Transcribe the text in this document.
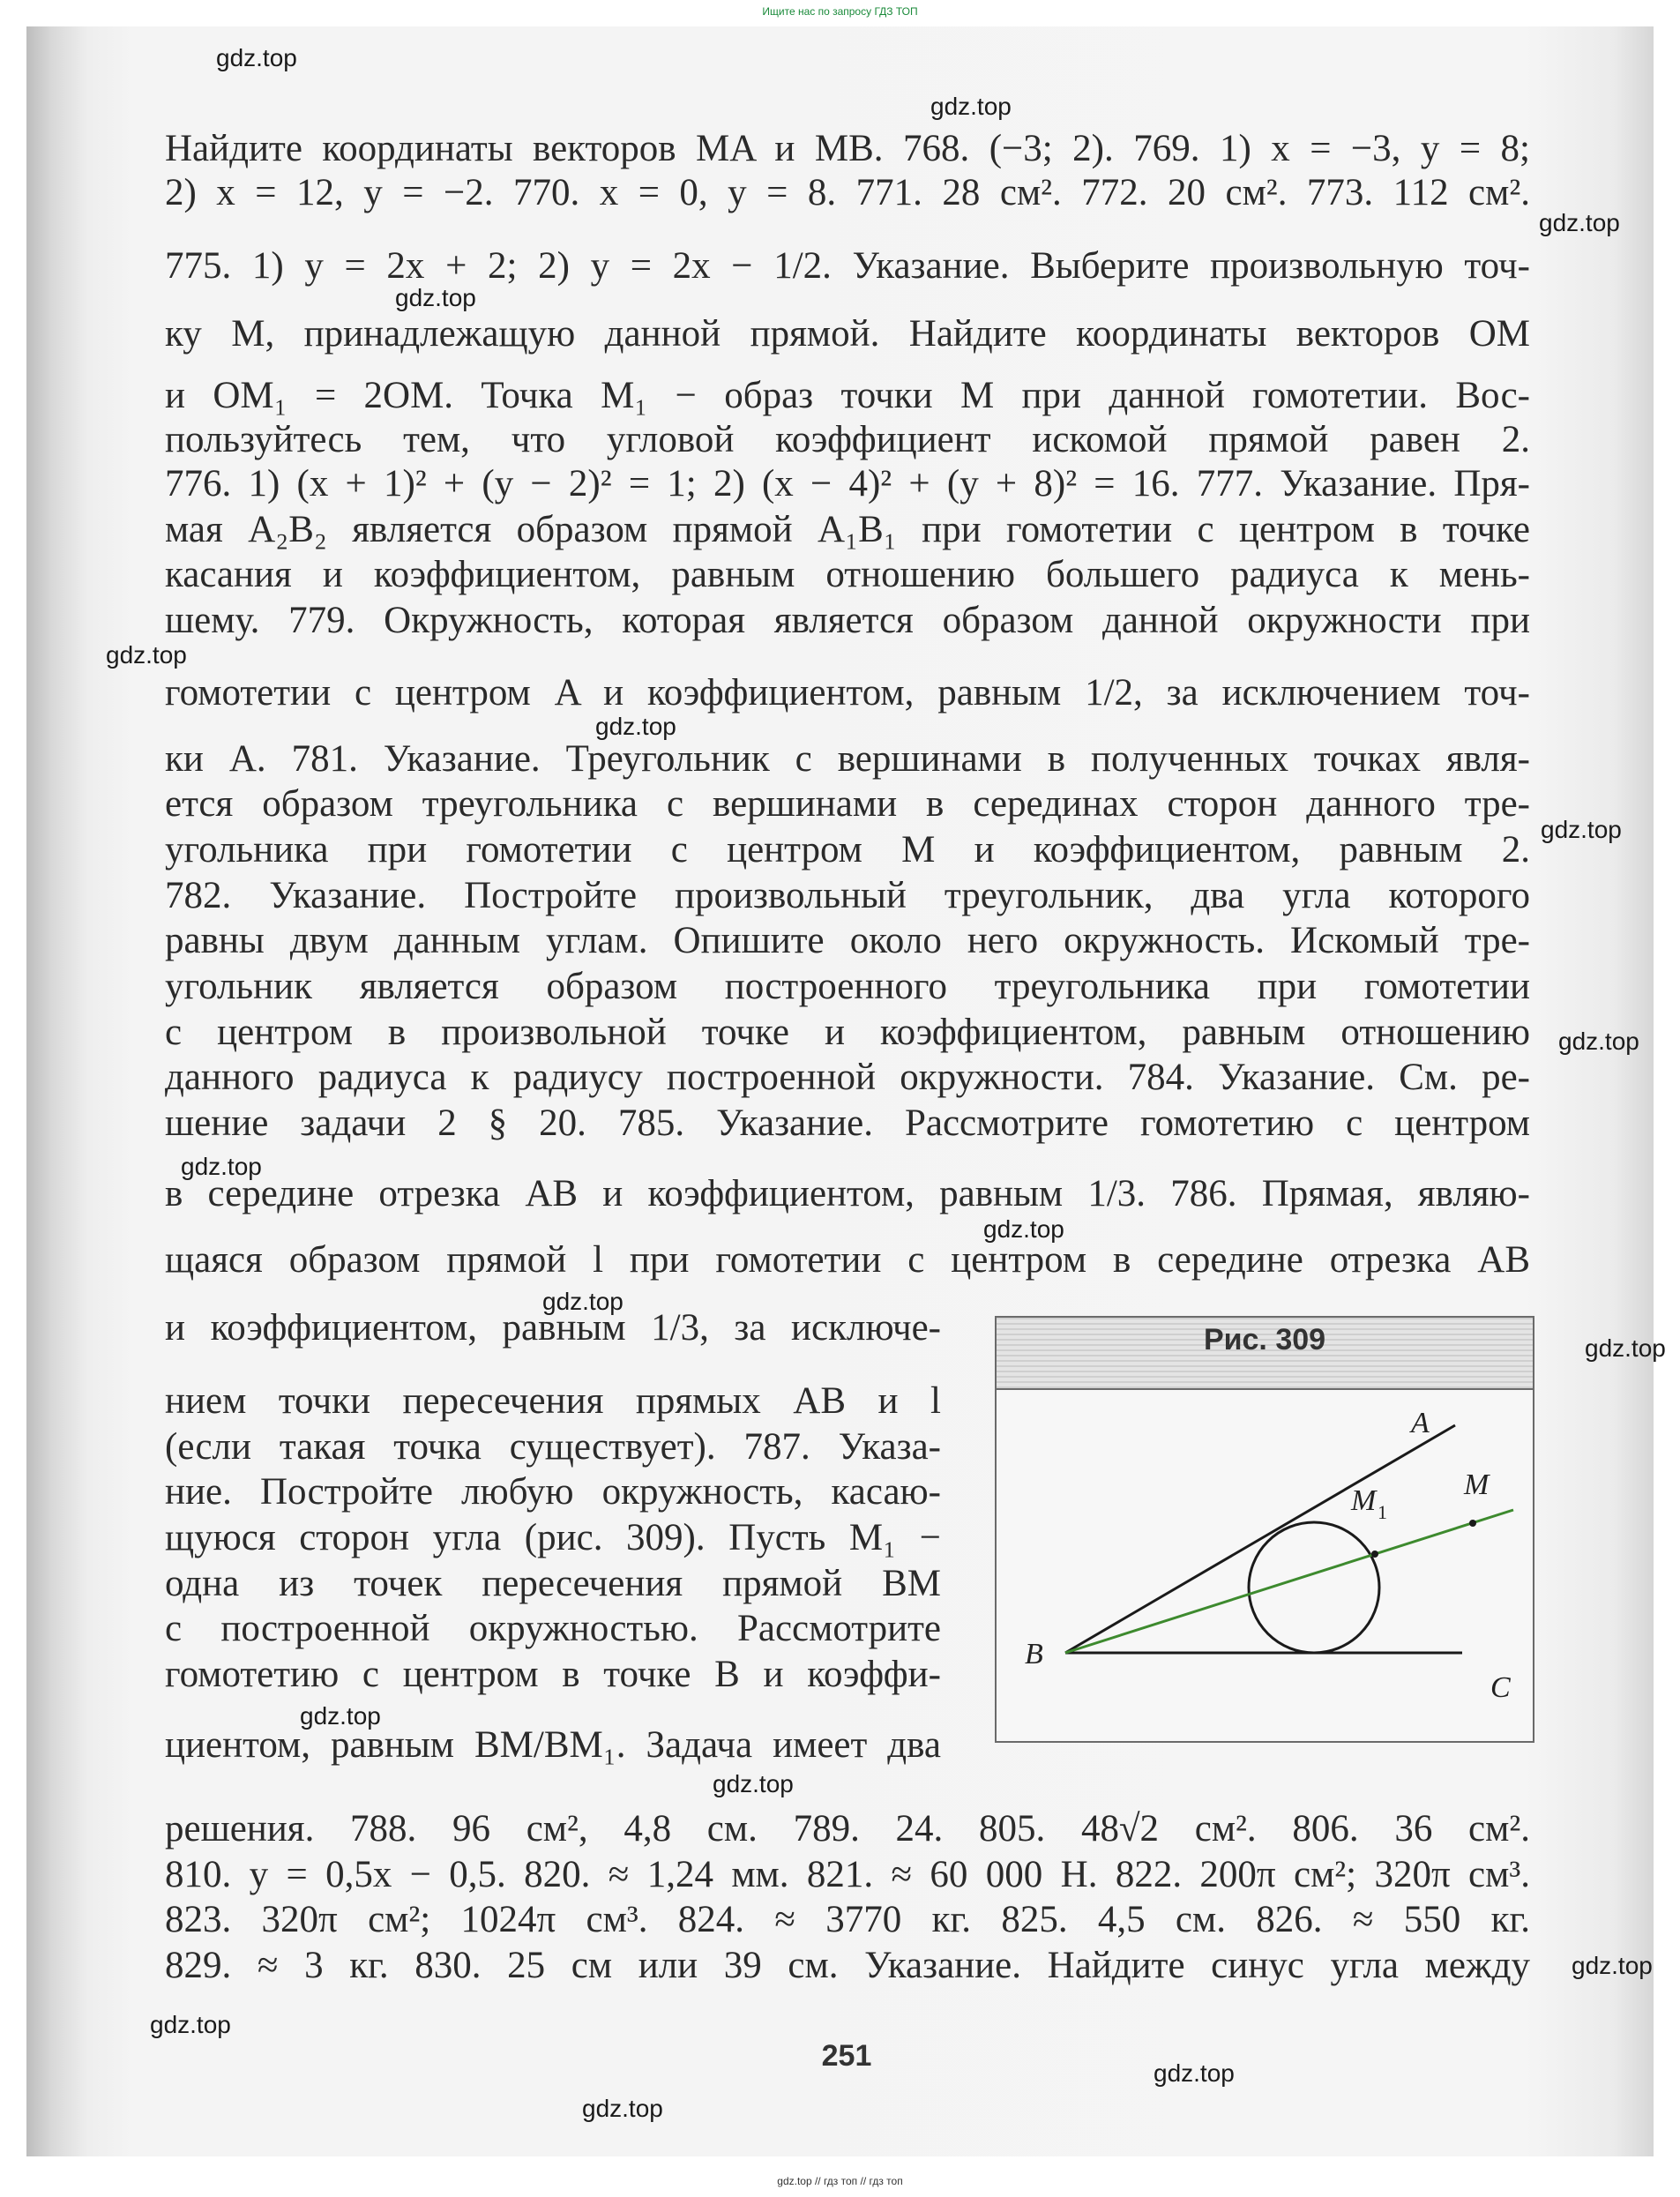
Ищите нас по запросу ГДЗ ТОП
gdz.top
gdz.top
gdz.top
gdz.top
gdz.top
gdz.top
gdz.top
gdz.top
gdz.top
gdz.top
gdz.top
gdz.top
gdz.top
gdz.top
gdz.top
gdz.top
gdz.top
gdz.top
Найдите координаты векторов MA и MB. 768. (−3; 2). 769. 1) x = −3, y = 8;
2) x = 12, y = −2. 770. x = 0, y = 8. 771. 28 см². 772. 20 см². 773. 112 см².
775. 1) y = 2x + 2; 2) y = 2x − 1/2. Указание. Выберите произвольную точ-
ку M, принадлежащую данной прямой. Найдите координаты векторов OM
и OM₁ = 2OM. Точка M₁ − образ точки M при данной гомотетии. Вос-
пользуйтесь тем, что угловой коэффициент искомой прямой равен 2.
776. 1) (x + 1)² + (y − 2)² = 1; 2) (x − 4)² + (y + 8)² = 16. 777. Указание. Пря-
мая A₂B₂ является образом прямой A₁B₁ при гомотетии с центром в точке
касания и коэффициентом, равным отношению большего радиуса к мень-
шему. 779. Окружность, которая является образом данной окружности при
гомотетии с центром A и коэффициентом, равным 1/2, за исключением точ-
ки A. 781. Указание. Треугольник с вершинами в полученных точках явля-
ется образом треугольника с вершинами в серединах сторон данного тре-
угольника при гомотетии с центром M и коэффициентом, равным 2.
782. Указание. Постройте произвольный треугольник, два угла которого
равны двум данным углам. Опишите около него окружность. Искомый тре-
угольник является образом построенного треугольника при гомотетии
с центром в произвольной точке и коэффициентом, равным отношению
данного радиуса к радиусу построенной окружности. 784. Указание. См. ре-
шение задачи 2 § 20. 785. Указание. Рассмотрите гомотетию с центром
в середине отрезка AB и коэффициентом, равным 1/3. 786. Прямая, являю-
щаяся образом прямой l при гомотетии с центром в середине отрезка AB
и коэффициентом, равным 1/3, за исключе-
нием точки пересечения прямых AB и l
(если такая точка существует). 787. Указа-
ние. Постройте любую окружность, касаю-
щуюся сторон угла (рис. 309). Пусть M₁ −
одна из точек пересечения прямой BM
с построенной окружностью. Рассмотрите
гомотетию с центром в точке B и коэффи-
циентом, равным BM/BM₁. Задача имеет два
решения. 788. 96 см², 4,8 см. 789. 24. 805. 48√2 см². 806. 36 см².
810. y = 0,5x − 0,5. 820. ≈ 1,24 мм. 821. ≈ 60 000 Н. 822. 200π см²; 320π см³.
823. 320π см²; 1024π см³. 824. ≈ 3770 кг. 825. 4,5 см. 826. ≈ 550 кг.
829. ≈ 3 кг. 830. 25 см или 39 см. Указание. Найдите синус угла между
Рис. 309
A
M
M 1
B
C
251
gdz.top // гдз топ // гдз топ
